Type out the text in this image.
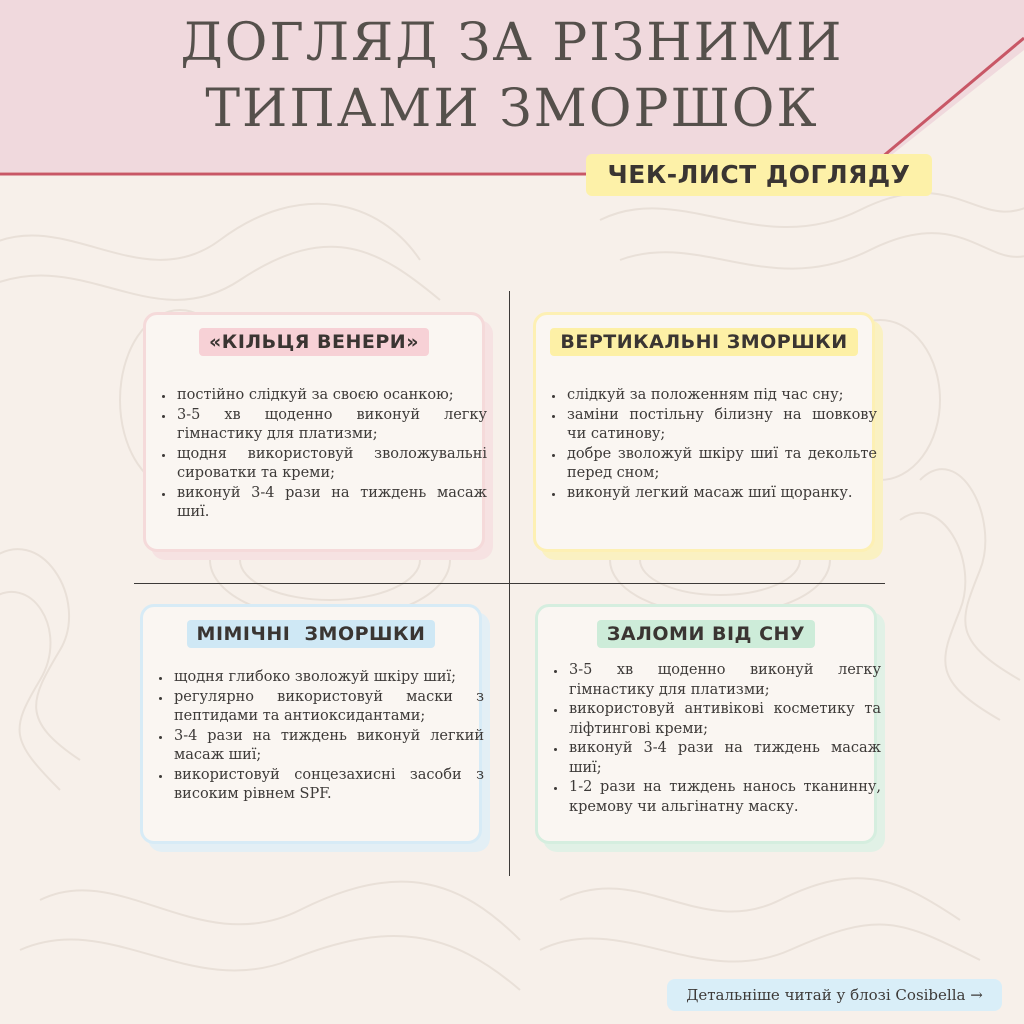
ДОГЛЯД ЗА РІЗНИМИ
ТИПАМИ ЗМОРШОК
ЧЕК-ЛИСТ ДОГЛЯДУ
«КІЛЬЦЯ ВЕНЕРИ»
• постійно слідкуй за своєю осанкою;
• 3-5 хв щоденно виконуй легку гімнастику для платизми;
• щодня використовуй зволожувальні сироватки та креми;
• виконуй 3-4 рази на тиждень масаж шиї.
ВЕРТИКАЛЬНІ ЗМОРШКИ
• слідкуй за положенням під час сну;
• заміни постільну білизну на шовкову чи сатинову;
• добре зволожуй шкіру шиї та декольте перед сном;
• виконуй легкий масаж шиї щоранку.
МІМІЧНІ  ЗМОРШКИ
• щодня глибоко зволожуй шкіру шиї;
• регулярно використовуй маски з пептидами та антиоксидантами;
• 3-4 рази на тиждень виконуй легкий масаж шиї;
• використовуй сонцезахисні засоби з високим рівнем SPF.
ЗАЛОМИ ВІД СНУ
• 3-5 хв щоденно виконуй легку гімнастику для платизми;
• використовуй антивікові косметику та ліфтингові креми;
• виконуй 3-4 рази на тиждень масаж шиї;
• 1-2 рази на тиждень нанось тканинну, кремову чи альгінатну маску.
Детальніше читай у блозі Cosibella →
